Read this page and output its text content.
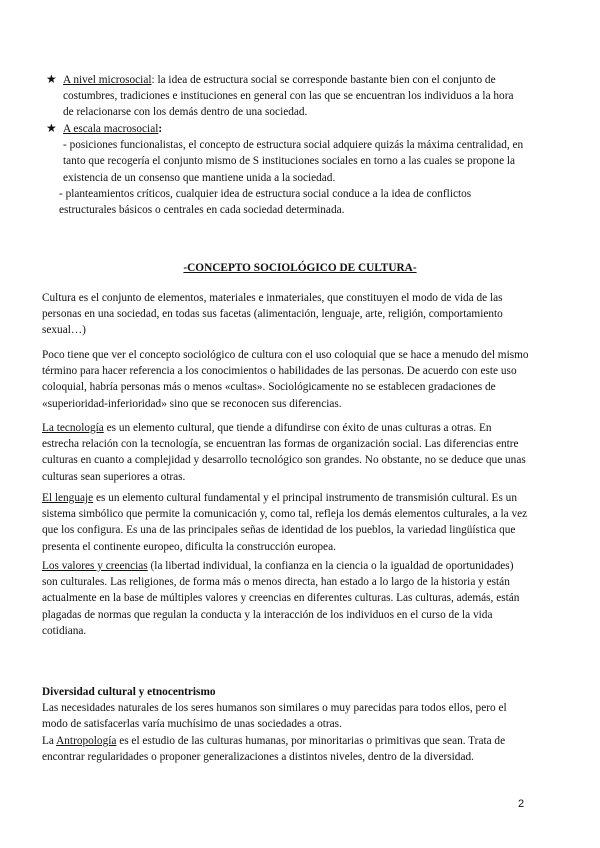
★ A nivel microsocial: la idea de estructura social se corresponde bastante bien con el conjunto de costumbres, tradiciones e instituciones en general con las que se encuentran los individuos a la hora de relacionarse con los demás dentro de una sociedad.
★ A escala macrosocial:

- posiciones funcionalistas, el concepto de estructura social adquiere quizás la máxima centralidad, en tanto que recogería el conjunto mismo de S instituciones sociales en torno a las cuales se propone la existencia de un consenso que mantiene unida a la sociedad.

- planteamientos críticos, cualquier idea de estructura social conduce a la idea de conflictos estructurales básicos o centrales en cada sociedad determinada.

-CONCEPTO SOCIOLÓGICO DE CULTURA-

Cultura es el conjunto de elementos, materiales e inmateriales, que constituyen el modo de vida de las personas en una sociedad, en todas sus facetas (alimentación, lenguaje, arte, religión, comportamiento sexual…)

Poco tiene que ver el concepto sociológico de cultura con el uso coloquial que se hace a menudo del mismo término para hacer referencia a los conocimientos o habilidades de las personas. De acuerdo con este uso coloquial, habría personas más o menos «cultas». Sociológicamente no se establecen gradaciones de «superioridad-inferioridad» sino que se reconocen sus diferencias.

La tecnología es un elemento cultural, que tiende a difundirse con éxito de unas culturas a otras. En estrecha relación con la tecnología, se encuentran las formas de organización social. Las diferencias entre culturas en cuanto a complejidad y desarrollo tecnológico son grandes. No obstante, no se deduce que unas culturas sean superiores a otras.

El lenguaje es un elemento cultural fundamental y el principal instrumento de transmisión cultural. Es un sistema simbólico que permite la comunicación y, como tal, refleja los demás elementos culturales, a la vez que los configura. Es una de las principales señas de identidad de los pueblos, la variedad lingüística que presenta el continente europeo, dificulta la construcción europea.

Los valores y creencias (la libertad individual, la confianza en la ciencia o la igualdad de oportunidades) son culturales. Las religiones, de forma más o menos directa, han estado a lo largo de la historia y están actualmente en la base de múltiples valores y creencias en diferentes culturas. Las culturas, además, están plagadas de normas que regulan la conducta y la interacción de los individuos en el curso de la vida cotidiana.

Diversidad cultural y etnocentrismo
Las necesidades naturales de los seres humanos son similares o muy parecidas para todos ellos, pero el modo de satisfacerlas varía muchísimo de unas sociedades a otras.
La Antropología es el estudio de las culturas humanas, por minoritarias o primitivas que sean. Trata de encontrar regularidades o proponer generalizaciones a distintos niveles, dentro de la diversidad.
2
